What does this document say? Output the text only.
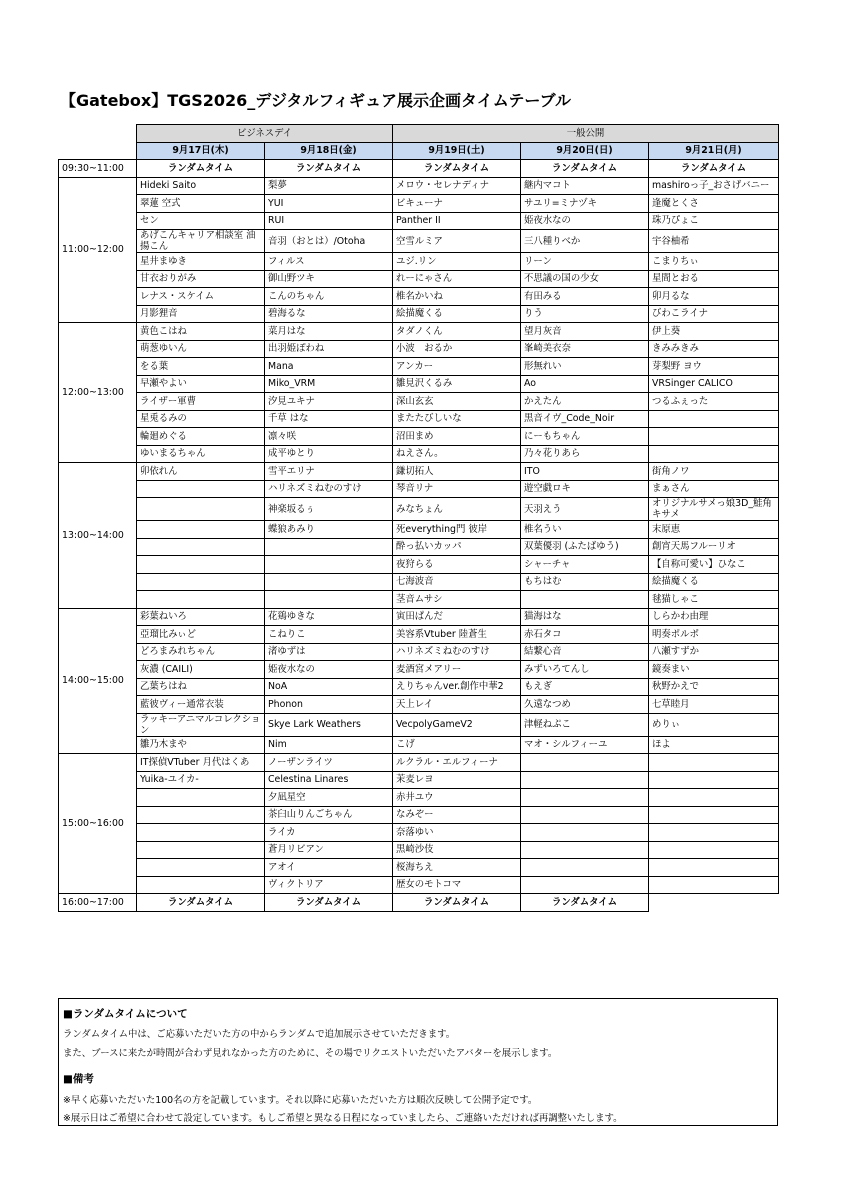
【Gatebox】TGS2026_デジタルフィギュア展示企画タイムテーブル
	ビジネスデイ		一般公開		
	9月17日(木)	9月18日(金)	9月19日(土)	9月20日(日)	9月21日(月)
09:30~11:00	ランダムタイム	ランダムタイム	ランダムタイム	ランダムタイム	ランダムタイム
11:00~12:00	Hideki Saito	梨夢	メロウ・セレナディナ	継内マコト	mashiroっ子_おさげバニー
	翠蓮 空式	YUI	ビキューナ	サユリ=ミナヅキ	逢魔とくさ
	セン	RUI	Panther II	姫夜水なの	珠乃ぴょこ
	あげこんキャリア相談室 油揚こん	音羽（おとは）/Otoha	空雪ルミア	三八種りべか	宇谷柚希
	星井まゆき	フィルス	ユジ.リン	リーン	こまりちぃ
	甘衣おりがみ	御山野ツキ	れーにゃさん	不思議の国の少女	星間とおる
	レナス・スケイム	こんのちゃん	椎名かいね	有田みる	卯月るな
	月影狸音	碧海るな	絵描魔くる	りう	びわこライナ
12:00~13:00	黄色こはね	菜月はな	タダノくん	望月灰音	伊上葵
	萌葱ゆいん	出羽姫ぽわね	小波　おるか	峯崎美衣奈	きみみきみ
	をる葉	Mana	アンカー	形無れい	芽梨野 ヨウ
	早瀬やよい	Miko_VRM	雛見沢くるみ	Ao	VRSinger CALICO
	ライザー軍曹	汐見ユキナ	深山玄玄	かえたん	つるふぇった
	星兎るみの	千草 はな	またたびしいな	黒音イヴ_Code_Noir	
	輪廻めぐる	凛々咲	沼田まめ	にーもちゃん	
	ゆいまるちゃん	成平ゆとり	ねえさん。	乃々花りあら	
13:00~14:00	卯依れん	雪平エリナ	鎌切拓人	ITO	街角ノワ
		ハリネズミねむのすけ	琴音リナ	遊空戯ロキ	まぁさん
		神楽坂るぅ	みなちょん	天羽えう	オリジナルサメっ娘3D_鮭角キサメ
		蝶狼あみり	死everything門 彼岸	椎名うい	末原恵
			酔っ払いカッパ	双葉優羽 (ふたばゆう)	創宵天馬フルーリオ
			夜狩らる	シャーチャ	【自称可愛い】ひなこ
			七海波音	もちはむ	絵描魔くる
			茎音ムサシ		毬猫しゃこ
14:00~15:00	彩葉ねいろ	花鶏ゆきな	寅田ぱんだ	猫海はな	しらかわ由理
	亞瑠比みぃど	こねりこ	美容系Vtuber 陸蒼生	赤石タコ	明奏ポルボ
	どろまみれちゃん	渚ゆずは	ハリネズミねむのすけ	結繋心音	八瀬すずか
	灰濃 (CAILI)	姫夜水なの	麦酒宮メアリー	みずいろてんし	鏡奏まい
	乙葉ちはね	NoA	えりちゃんver.創作中華2	もえぎ	秋野かえで
	藍彼ヴィー通常衣装	Phonon	天上レイ	久遠なつめ	七草睦月
	ラッキーアニマルコレクション	Skye Lark Weathers	VecpolyGameV2	津軽ねぷこ	めりぃ
	雛乃木まや	Nim	こげ	マオ・シルフィーユ	ほよ
15:00~16:00	IT探偵VTuber 月代はくあ	ノーザンライツ	ルクラル・エルフィーナ		
	Yuika-ユイカ-	Celestina Linares	茉麦レヨ		
		夕凪星空	赤井ユウ		
		茶臼山りんごちゃん	なみぞー		
		ライカ	奈落ゆい		
		蒼月リビアン	黒崎沙伎		
		アオイ	桜海ちえ		
		ヴィクトリア	歴女のモトコマ		
16:00~17:00	ランダムタイム	ランダムタイム	ランダムタイム	ランダムタイム	
■ランダムタイムについて
ランダムタイム中は、ご応募いただいた方の中からランダムで追加展示させていただきます。
また、ブースに来たが時間が合わず見れなかった方のために、その場でリクエストいただいたアバターを展示します。
■備考
※早く応募いただいた100名の方を記載しています。それ以降に応募いただいた方は順次反映して公開予定です。
※展示日はご希望に合わせて設定しています。もしご希望と異なる日程になっていましたら、ご連絡いただければ再調整いたします。
